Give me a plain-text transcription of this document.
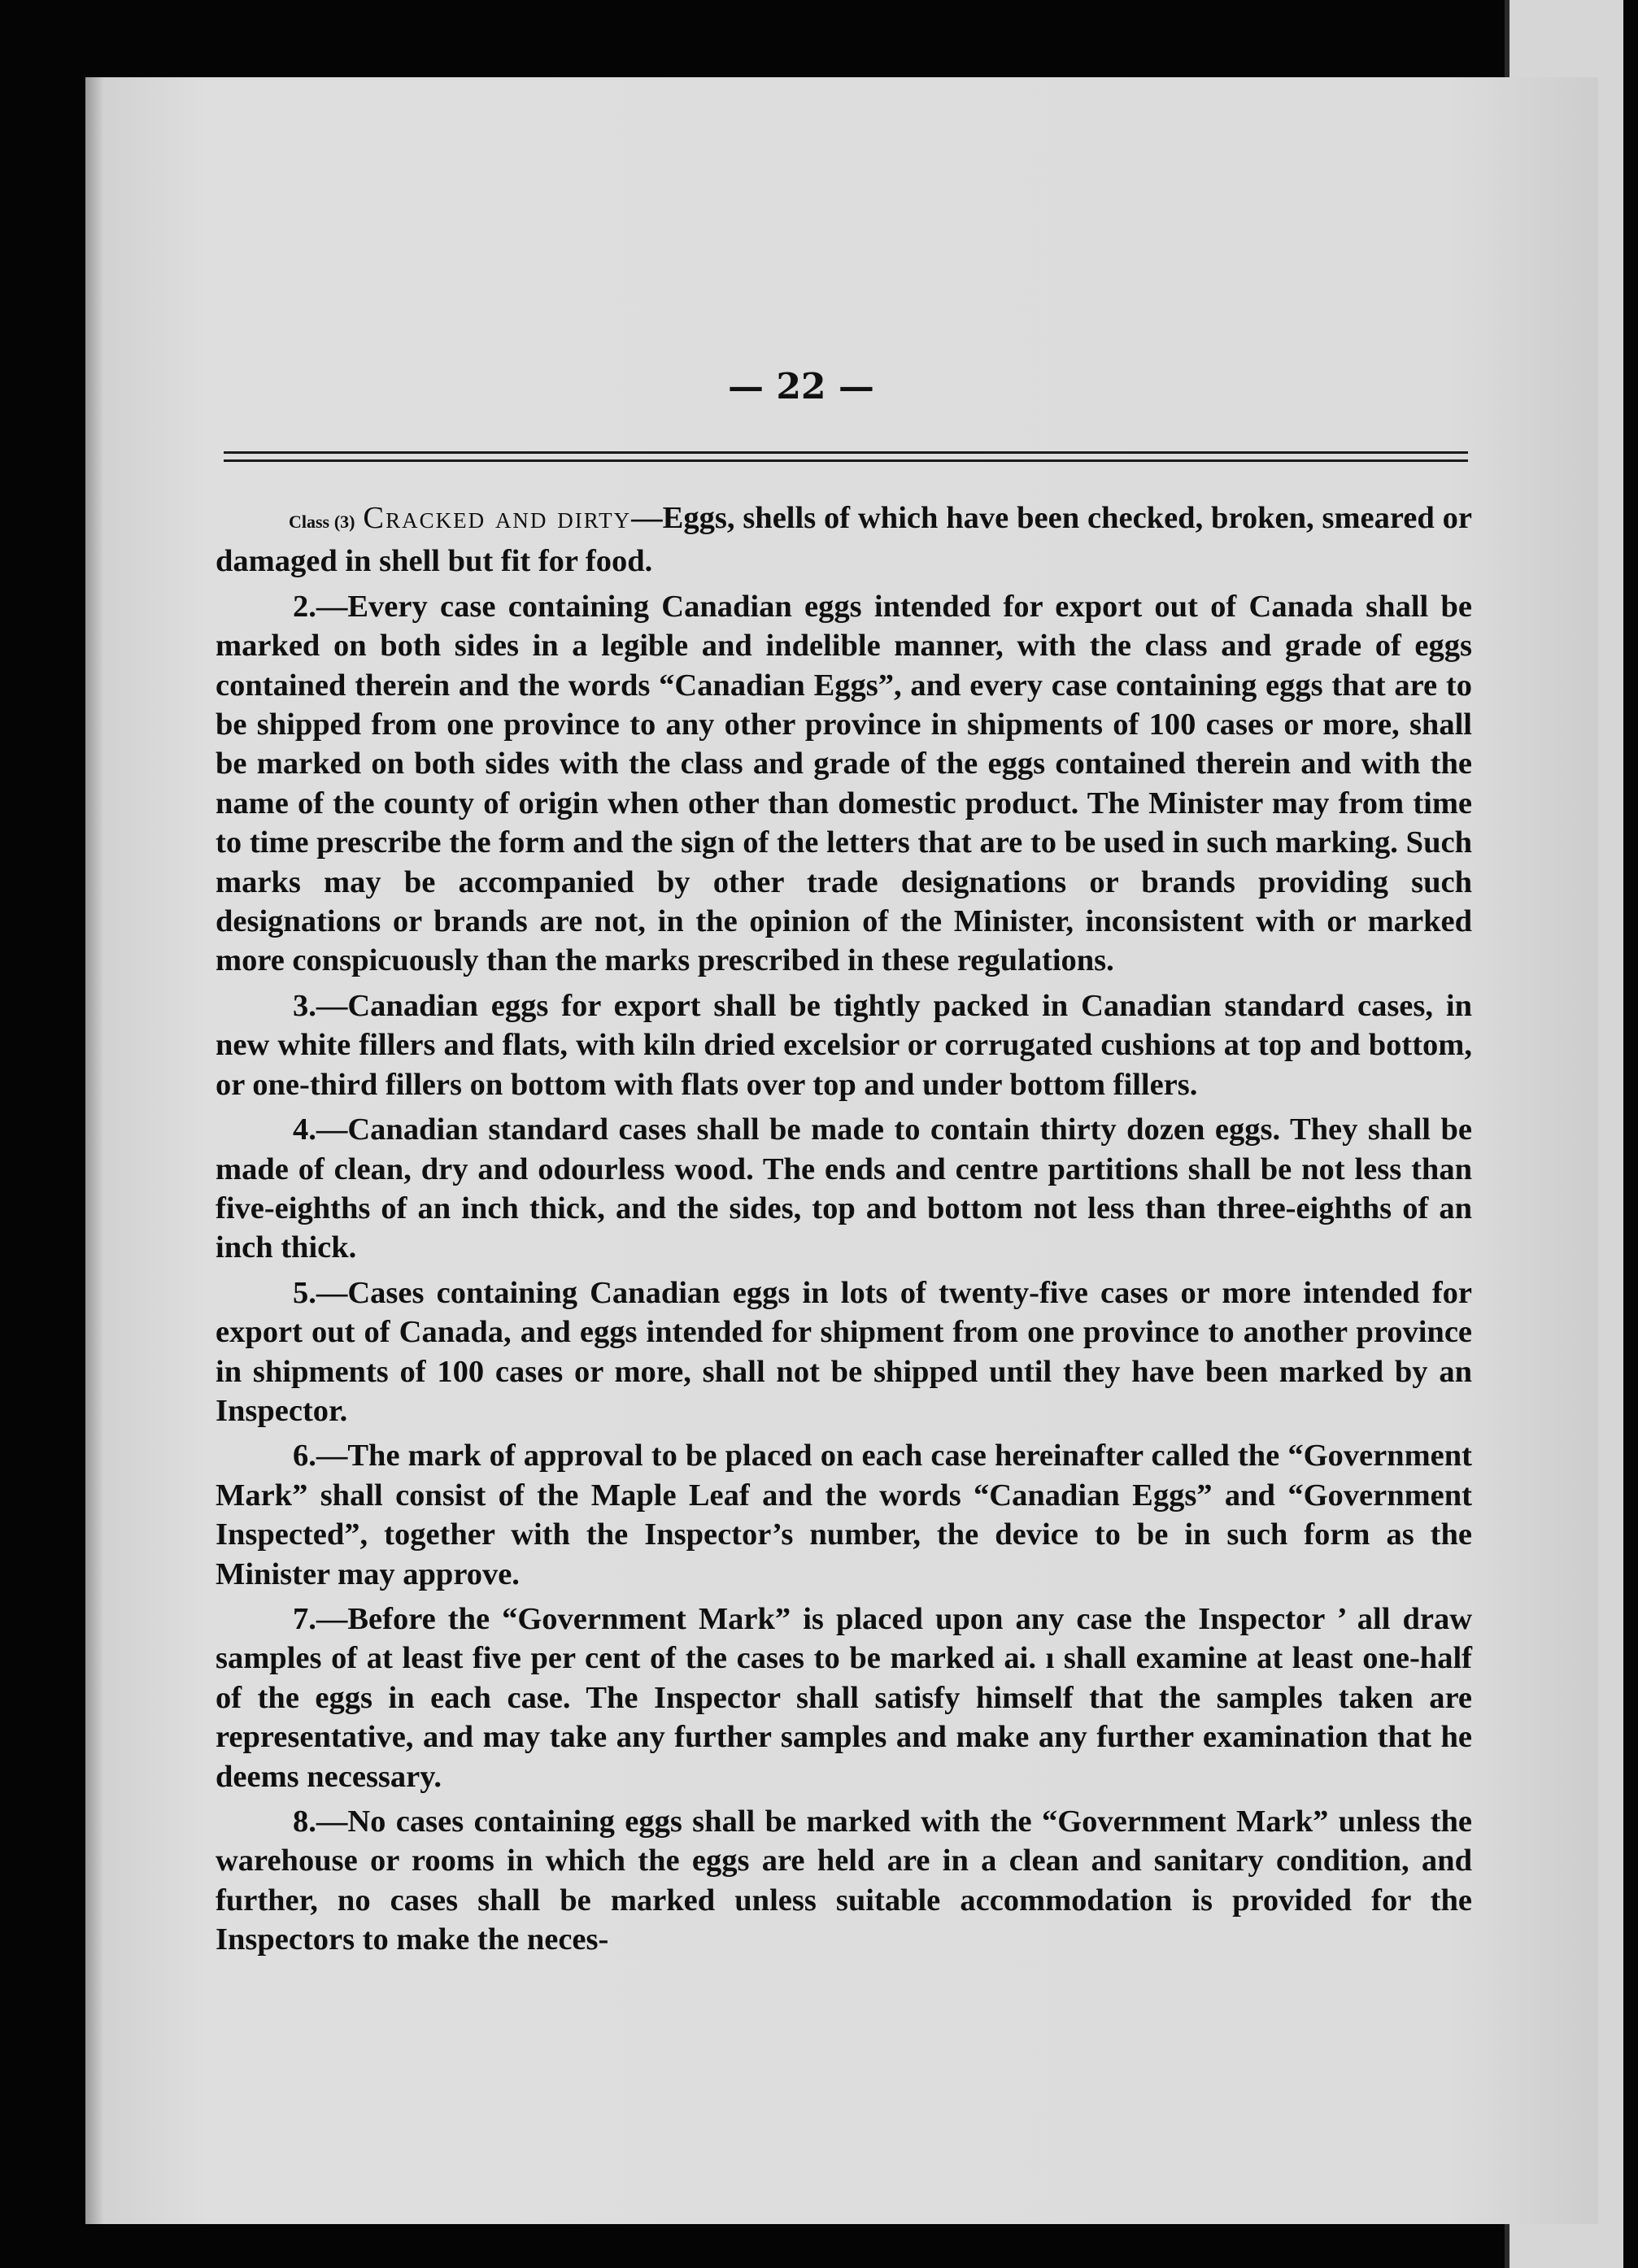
— 22 —

Class (3) Cracked and dirty—Eggs, shells of which have been checked, broken, smeared or damaged in shell but fit for food.

2.—Every case containing Canadian eggs intended for export out of Canada shall be marked on both sides in a legible and indelible manner, with the class and grade of eggs contained therein and the words “Canadian Eggs”, and every case containing eggs that are to be shipped from one province to any other province in shipments of 100 cases or more, shall be marked on both sides with the class and grade of the eggs contained therein and with the name of the county of origin when other than domestic product. The Minister may from time to time prescribe the form and the sign of the letters that are to be used in such marking. Such marks may be accompanied by other trade designations or brands providing such designations or brands are not, in the opinion of the Minister, inconsistent with or marked more conspicuously than the marks prescribed in these regulations.

3.—Canadian eggs for export shall be tightly packed in Canadian standard cases, in new white fillers and flats, with kiln dried excelsior or corrugated cushions at top and bottom, or one-third fillers on bottom with flats over top and under bottom fillers.

4.—Canadian standard cases shall be made to contain thirty dozen eggs. They shall be made of clean, dry and odourless wood. The ends and centre partitions shall be not less than five-eighths of an inch thick, and the sides, top and bottom not less than three-eighths of an inch thick.

5.—Cases containing Canadian eggs in lots of twenty-five cases or more intended for export out of Canada, and eggs intended for shipment from one province to another province in shipments of 100 cases or more, shall not be shipped until they have been marked by an Inspector.

6.—The mark of approval to be placed on each case hereinafter called the “Government Mark” shall consist of the Maple Leaf and the words “Canadian Eggs” and “Government Inspected”, together with the Inspector’s number, the device to be in such form as the Minister may approve.

7.—Before the “Government Mark” is placed upon any case the Inspector ’ all draw samples of at least five per cent of the cases to be marked ai. ı shall examine at least one-half of the eggs in each case. The Inspector shall satisfy himself that the samples taken are representative, and may take any further samples and make any further examination that he deems necessary.

8.—No cases containing eggs shall be marked with the “Government Mark” unless the warehouse or rooms in which the eggs are held are in a clean and sanitary condition, and further, no cases shall be marked unless suitable accommodation is provided for the Inspectors to make the neces-
